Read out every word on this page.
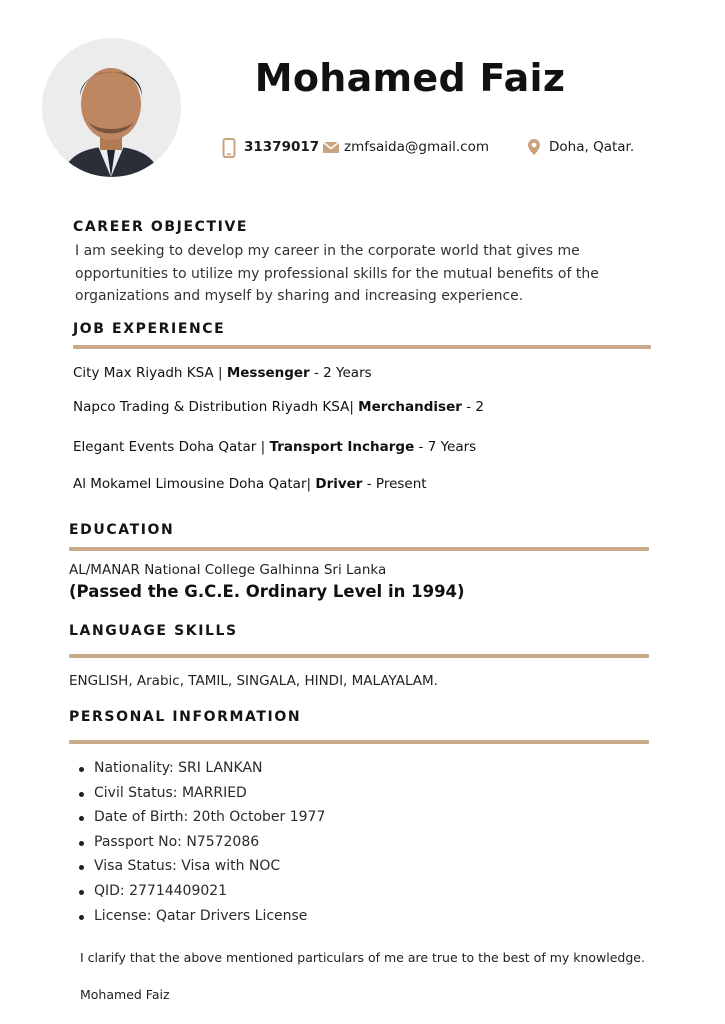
Mohamed Faiz
31379017 zmfsaida@gmail.com	Doha, Qatar.
CAREER OBJECTIVE
I am seeking to develop my career in the corporate world that gives me
opportunities to utilize my professional skills for the mutual benefits of the
organizations and myself by sharing and increasing experience.
JOB EXPERIENCE
City Max Riyadh KSA | Messenger - 2 Years
Napco Trading & Distribution Riyadh KSA| Merchandiser - 2
Elegant Events Doha Qatar | Transport Incharge - 7 Years
Al Mokamel Limousine Doha Qatar| Driver - Present
EDUCATION
AL/MANAR National College Galhinna Sri Lanka
(Passed the G.C.E. Ordinary Level in 1994)
LANGUAGE SKILLS
ENGLISH, Arabic, TAMIL, SINGALA, HINDI, MALAYALAM.
PERSONAL INFORMATION
Nationality: SRI LANKAN
Civil Status: MARRIED
Date of Birth: 20th October 1977
Passport No: N7572086
Visa Status: Visa with NOC
QID: 27714409021
License: Qatar Drivers License
I clarify that the above mentioned particulars of me are true to the best of my knowledge.
Mohamed Faiz
